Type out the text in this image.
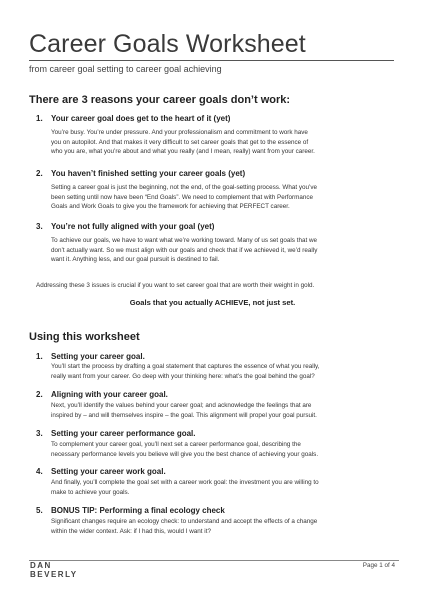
Career Goals Worksheet
from career goal setting to career goal achieving
There are 3 reasons your career goals don’t work:
1. Your career goal does get to the heart of it (yet)
You’re busy. You’re under pressure. And your professionalism and commitment to work have
you on autopilot. And that makes it very difficult to set career goals that get to the essence of
who you are, what you’re about and what you really (and I mean, really) want from your career.
2. You haven’t finished setting your career goals (yet)
Setting a career goal is just the beginning, not the end, of the goal-setting process. What you’ve
been setting until now have been “End Goals”. We need to complement that with Performance
Goals and Work Goals to give you the framework for achieving that PERFECT career.
3. You’re not fully aligned with your goal (yet)
To achieve our goals, we have to want what we’re working toward. Many of us set goals that we
don’t actually want. So we must align with our goals and check that if we achieved it, we’d really
want it. Anything less, and our goal pursuit is destined to fail.
Addressing these 3 issues is crucial if you want to set career goal that are worth their weight in gold.
Goals that you actually ACHIEVE, not just set.
Using this worksheet
1. Setting your career goal.
You’ll start the process by drafting a goal statement that captures the essence of what you really,
really want from your career. Go deep with your thinking here: what’s the goal behind the goal?
2. Aligning with your career goal.
Next, you’ll identify the values behind your career goal; and acknowledge the feelings that are
inspired by – and will themselves inspire – the goal. This alignment will propel your goal pursuit.
3. Setting your career performance goal.
To complement your career goal, you’ll next set a career performance goal, describing the
necessary performance levels you believe will give you the best chance of achieving your goals.
4. Setting your career work goal.
And finally, you’ll complete the goal set with a career work goal: the investment you are willing to
make to achieve your goals.
5. BONUS TIP: Performing a final ecology check
Significant changes require an ecology check: to understand and accept the effects of a change
within the wider context. Ask: if I had this, would I want it?
DAN
BEVERLY
Page 1 of 4
